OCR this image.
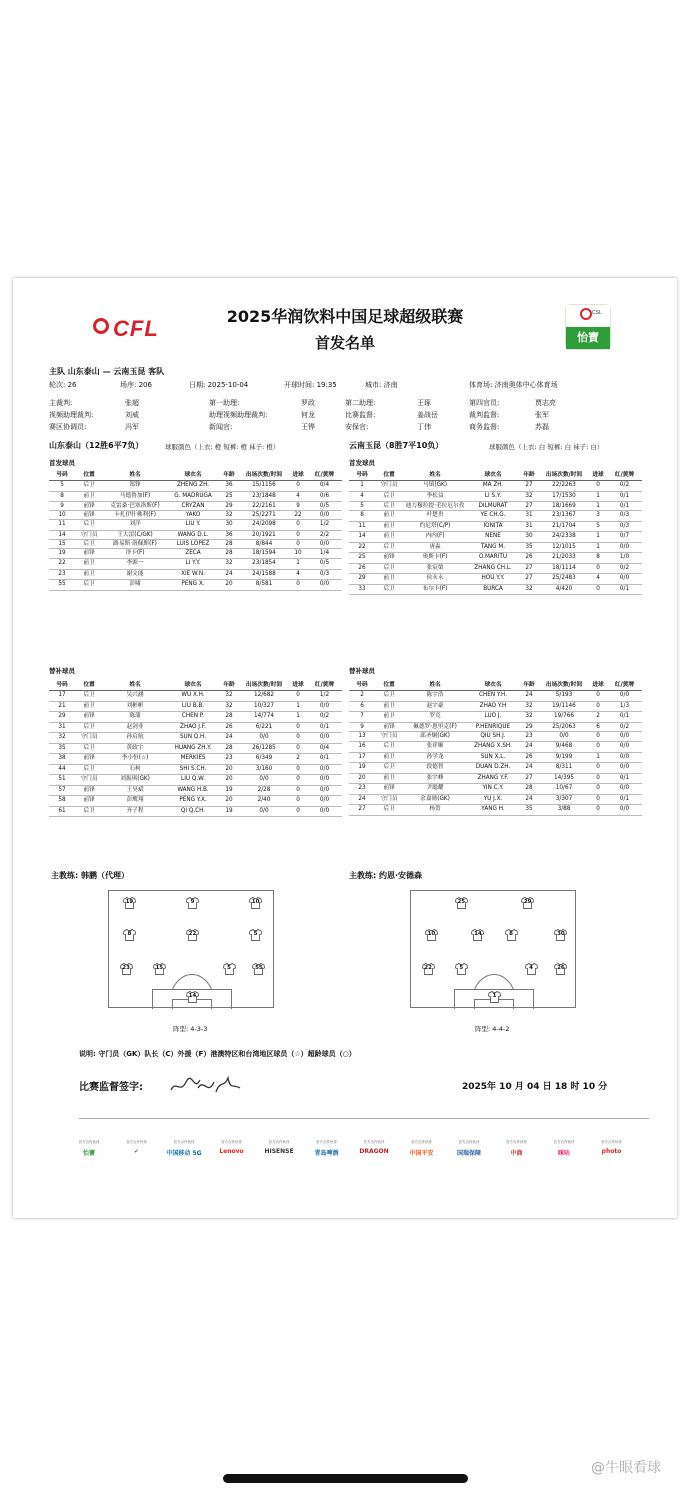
CFL	2025华润饮料中国足球超级联赛
首发名单
CSL
怡寶
主队 山东泰山 — 云南玉昆 客队
轮次: 26	场序: 206	日期: 2025-10-04	开球时间: 19:35	城市: 济南	体育场: 济南奥体中心体育场
主裁判:	张超	第一助理:	罗政	第二助理:	王琢	第四官员:	贾志亮
视频助理裁判:	刘威	助理视频助理裁判:	何龙	比赛监督:	姜战岳	裁判监督:	张军
赛区协调员:	冯军	新闻官:	王铧	安保官:	丁伟	商务监督:	苏磊
山东泰山（12胜6平7负）	球服颜色（上衣: 橙 短裤: 橙 袜子: 橙）	云南玉昆（8胜7平10负）	球服颜色（上衣: 白 短裤: 白 袜子: 白）
首发球员	首发球员
号码	位置	姓名	球衣名	年龄	出场次数/时间	进球	红/黄牌
5	后卫	郑铮	ZHENG ZH.	36	15/1156	0	0/4
8	前卫	马德鲁加(F)	G. MADRUGA	25	23/1848	4	0/6
9	前锋	克雷桑·巴塞洛斯(F)	CRYZAN	29	22/2161	9	0/5
10	前锋	卡扎伊什佛利(F)	YAKO	32	25/2271	22	0/0
11	后卫	刘洋	LIU Y.	30	24/2098	0	1/2
14	守门员	王大雷(C/GK)	WANG D.L.	36	20/1921	0	2/2
15	后卫	路易斯·洛佩斯(F)	LUIS LOPEZ	28	8/844	0	0/0
19	前锋	泽卡(F)	ZECA	28	18/1594	10	1/4
22	前卫	李源一	LI Y.Y.	32	23/1854	1	0/5
23	前卫	谢文能	XIE W.N.	24	24/1588	4	0/3
55	后卫	彭啸	PENG X.	20	8/581	0	0/0
号码	位置	姓名	球衣名	年龄	出场次数/时间	进球	红/黄牌
1	守门员	马镇(GK)	MA ZH.	27	22/2263	0	0/2
4	后卫	李松益	LI S.Y.	32	17/1530	1	0/1
5	后卫	迪力穆拉提·毛拉厄尔孜	DILMURAT	27	18/1669	1	0/1
8	前卫	叶楚贵	YE CH.G.	31	23/1367	3	0/3
11	前卫	约尼塔(C/P)	IONITA	31	21/1704	5	0/3
14	前卫	内内(F)	NENE	30	24/2338	1	0/7
22	后卫	唐淼	TANG M.	35	12/1015	1	0/0
25	前锋	奥斯卡(F)	O.MARITU	26	21/2033	8	1/0
26	后卫	张宸榮	ZHANG CH.L.	27	18/1114	0	0/2
29	前卫	侯永永	HOU Y.Y.	27	25/2483	4	0/0
33	后卫	布尔卡(F)	BURCA	32	4/420	0	0/1
替补球员	替补球员
号码	位置	姓名	球衣名	年龄	出场次数/时间	进球	红/黄牌
17	后卫	吴兴涵	WU X.H.	32	12/682	0	1/2
21	前卫	刘彬彬	LIU B.B.	32	10/327	1	0/0
29	前锋	陈蒲	CHEN P.	28	14/774	1	0/2
31	后卫	赵剑非	ZHAO J.F.	26	6/221	0	0/1
32	守门员	孙启航	SUN Q.H.	24	0/0	0	0/0
35	后卫	黄政宇	HUANG ZH.Y.	28	26/1285	0	0/4
38	前锋	李小恒(☆)	MERKIES	23	6/349	2	0/1
44	后卫	石柯	SHI S.CH.	20	3/160	0	0/0
51	守门员	刘振琪(GK)	LIU Q.W.	20	0/0	0	0/0
57	前锋	王昊斌	WANG H.B.	19	2/28	0	0/0
58	前锋	彭鹰翔	PENG Y.X.	20	2/40	0	0/0
61	后卫	齐子程	QI Q.CH.	19	0/0	0	0/0
号码	位置	姓名	球衣名	年龄	出场次数/时间	进球	红/黄牌
2	后卫	陈宇浩	CHEN Y.H.	24	5/193	0	0/0
6	前卫	赵宇豪	ZHAO Y.H	32	19/1146	0	1/3
7	前卫	罗竞	LUO J.	32	19/766	2	0/1
9	前锋	佩德罗·恩里克(F)	P.HENRIQUE	29	25/2063	6	0/2
13	守门员	邱圣炯(GK)	QIU SH.J.	23	0/0	0	0/0
16	后卫	张祥顺	ZHANG X.SH.	24	9/468	0	0/0
17	前卫	孙学龙	SUN X.L.	26	9/199	1	0/0
19	后卫	段德智	DUAN D.ZH.	24	8/311	0	0/0
20	前卫	张宇峰	ZHANG Y.F.	27	14/395	0	0/1
23	前锋	尹聪耀	YIN C.Y.	28	10/67	0	0/0
24	守门员	余嘉勋(GK)	YU J.X.	24	3/307	0	0/1
27	后卫	杨贺	YANG H.	35	3/88	0	0/0
主教练: 韩鹏（代理）	主教练: 约恩·安德森
19	9	10
8	22	5
23	15	5	55
14
25	29
10	14	8	30
22	5	4	26
1
阵型: 4-3-3	阵型: 4-4-2
说明: 守门员（GK）队长（C）外援（F）港澳特区和台湾地区球员（☆）超龄球员（○）
比赛监督签字:	2025年 10 月 04 日 18 时 10 分
官方合作伙伴
怡寶
官方合作伙伴
✓
官方合作伙伴
中国移动 5G
官方合作伙伴
Lenovo
官方合作伙伴
HISENSE
官方合作伙伴
青岛啤酒
官方合作伙伴
DRAGON
官方合作伙伴
中国平安
官方合作伙伴
国瑞保障
官方合作伙伴
中商
官方合作伙伴
咪咕
官方合作伙伴
photo
@牛眼看球
